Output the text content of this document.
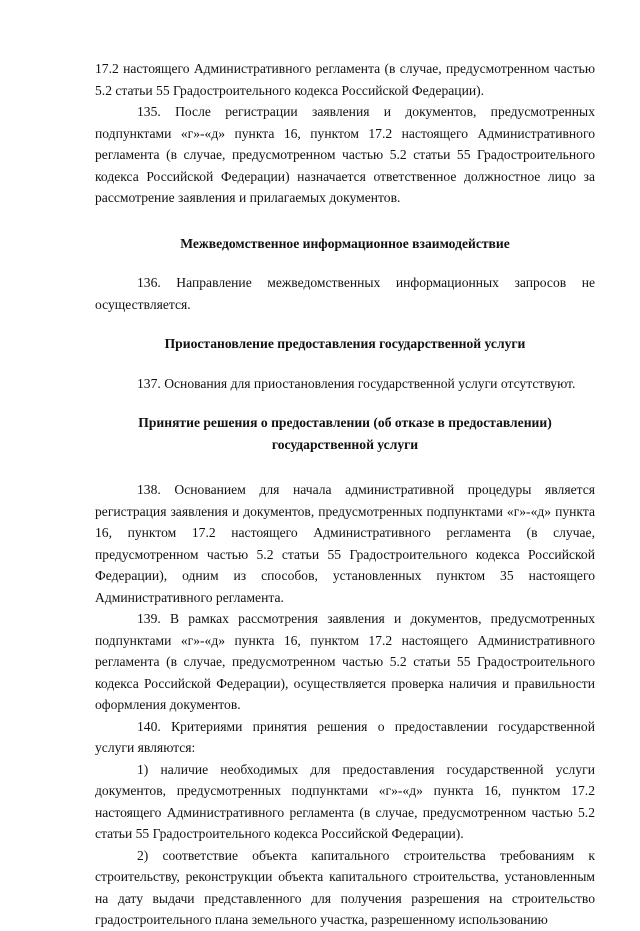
17.2 настоящего Административного регламента (в случае, предусмотренном частью 5.2 статьи 55 Градостроительного кодекса Российской Федерации).

135. После регистрации заявления и документов, предусмотренных подпунктами «г»-«д» пункта 16, пунктом 17.2 настоящего Административного регламента (в случае, предусмотренном частью 5.2 статьи 55 Градостроительного кодекса Российской Федерации) назначается ответственное должностное лицо за рассмотрение заявления и прилагаемых документов.

Межведомственное информационное взаимодействие

136. Направление межведомственных информационных запросов не осуществляется.

Приостановление предоставления государственной услуги

137. Основания для приостановления государственной услуги отсутствуют.

Принятие решения о предоставлении (об отказе в предоставлении) государственной услуги

138. Основанием для начала административной процедуры является регистрация заявления и документов, предусмотренных подпунктами «г»-«д» пункта 16, пунктом 17.2 настоящего Административного регламента (в случае, предусмотренном частью 5.2 статьи 55 Градостроительного кодекса Российской Федерации), одним из способов, установленных пунктом 35 настоящего Административного регламента.

139. В рамках рассмотрения заявления и документов, предусмотренных подпунктами «г»-«д» пункта 16, пунктом 17.2 настоящего Административного регламента (в случае, предусмотренном частью 5.2 статьи 55 Градостроительного кодекса Российской Федерации), осуществляется проверка наличия и правильности оформления документов.

140. Критериями принятия решения о предоставлении государственной услуги являются:

1) наличие необходимых для предоставления государственной услуги документов, предусмотренных подпунктами «г»-«д» пункта 16, пунктом 17.2 настоящего Административного регламента (в случае, предусмотренном частью 5.2 статьи 55 Градостроительного кодекса Российской Федерации).

2) соответствие объекта капитального строительства требованиям к строительству, реконструкции объекта капитального строительства, установленным на дату выдачи представленного для получения разрешения на строительство градостроительного плана земельного участка, разрешенному использованию
